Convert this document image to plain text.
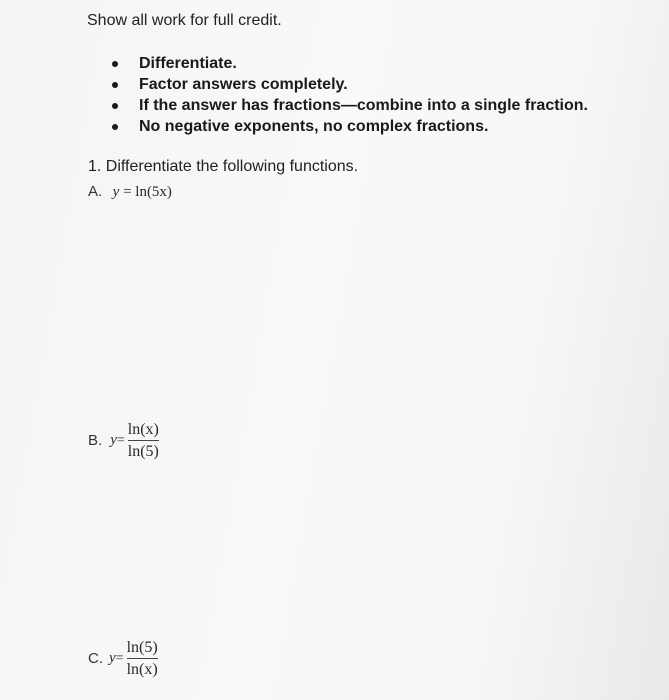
Show all work for full credit.
Differentiate.
Factor answers completely.
If the answer has fractions—combine into a single fraction.
No negative exponents, no complex fractions.
1. Differentiate the following functions.
A. y = ln(5x)
B. $y = \frac{\ln(x)}{\ln(5)}$
C. $y = \frac{\ln(5)}{\ln(x)}$
